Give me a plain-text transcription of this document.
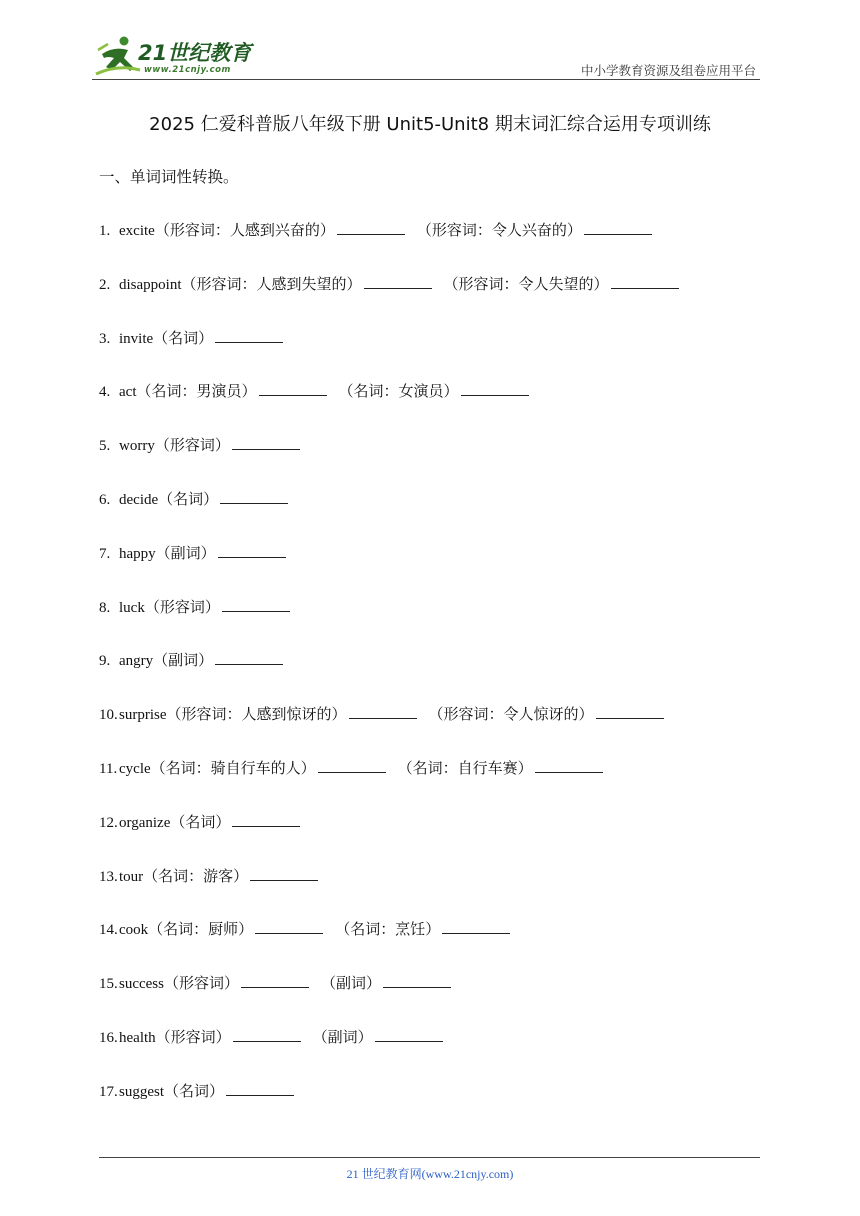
21世纪教育
www.21cnjy.com	中小学教育资源及组卷应用平台
2025 仁爱科普版八年级下册 Unit5-Unit8 期末词汇综合运用专项训练
一、单词词性转换。
1. excite（形容词：人感到兴奋的）	（形容词：令人兴奋的）
2. disappoint（形容词：人感到失望的）	（形容词：令人失望的）
3. invite（名词）
4. act（名词：男演员）	（名词：女演员）
5. worry（形容词）
6. decide（名词）
7. happy（副词）
8. luck（形容词）
9. angry（副词）
10.surprise（形容词：人感到惊讶的）	（形容词：令人惊讶的）
11. cycle（名词：骑自行车的人）	（名词：自行车赛）
12.organize（名词）
13.tour（名词：游客）
14.cook（名词：厨师）	（名词：烹饪）
15.success（形容词）	（副词）
16.health（形容词）	（副词）
17.suggest（名词）
21 世纪教育网(www.21cnjy.com)
